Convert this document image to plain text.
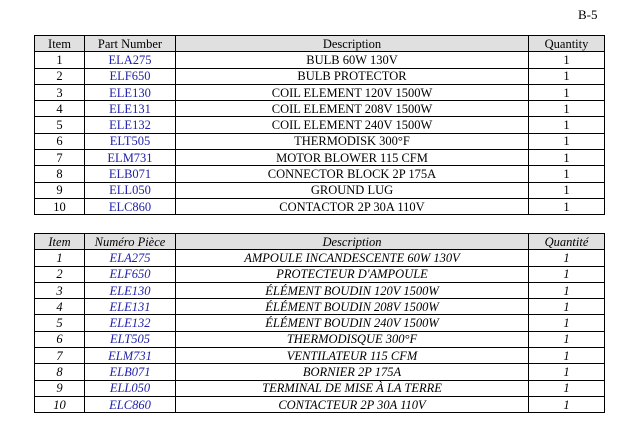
B-5
Item	Part Number	Description	Quantity
1	ELA275	BULB 60W 130V	1
2	ELF650	BULB PROTECTOR	1
3	ELE130	COIL ELEMENT 120V 1500W	1
4	ELE131	COIL ELEMENT 208V 1500W	1
5	ELE132	COIL ELEMENT 240V 1500W	1
6	ELT505	THERMODISK 300°F	1
7	ELM731	MOTOR BLOWER 115 CFM	1
8	ELB071	CONNECTOR BLOCK 2P 175A	1
9	ELL050	GROUND LUG	1
10	ELC860	CONTACTOR 2P 30A 110V	1
Item	Numéro Pièce	Description	Quantité
1	ELA275	AMPOULE INCANDESCENTE 60W 130V	1
2	ELF650	PROTECTEUR D'AMPOULE	1
3	ELE130	ÉLÉMENT BOUDIN 120V 1500W	1
4	ELE131	ÉLÉMENT BOUDIN 208V 1500W	1
5	ELE132	ÉLÉMENT BOUDIN 240V 1500W	1
6	ELT505	THERMODISQUE 300°F	1
7	ELM731	VENTILATEUR 115 CFM	1
8	ELB071	BORNIER 2P 175A	1
9	ELL050	TERMINAL DE MISE À LA TERRE	1
10	ELC860	CONTACTEUR 2P 30A 110V	1
